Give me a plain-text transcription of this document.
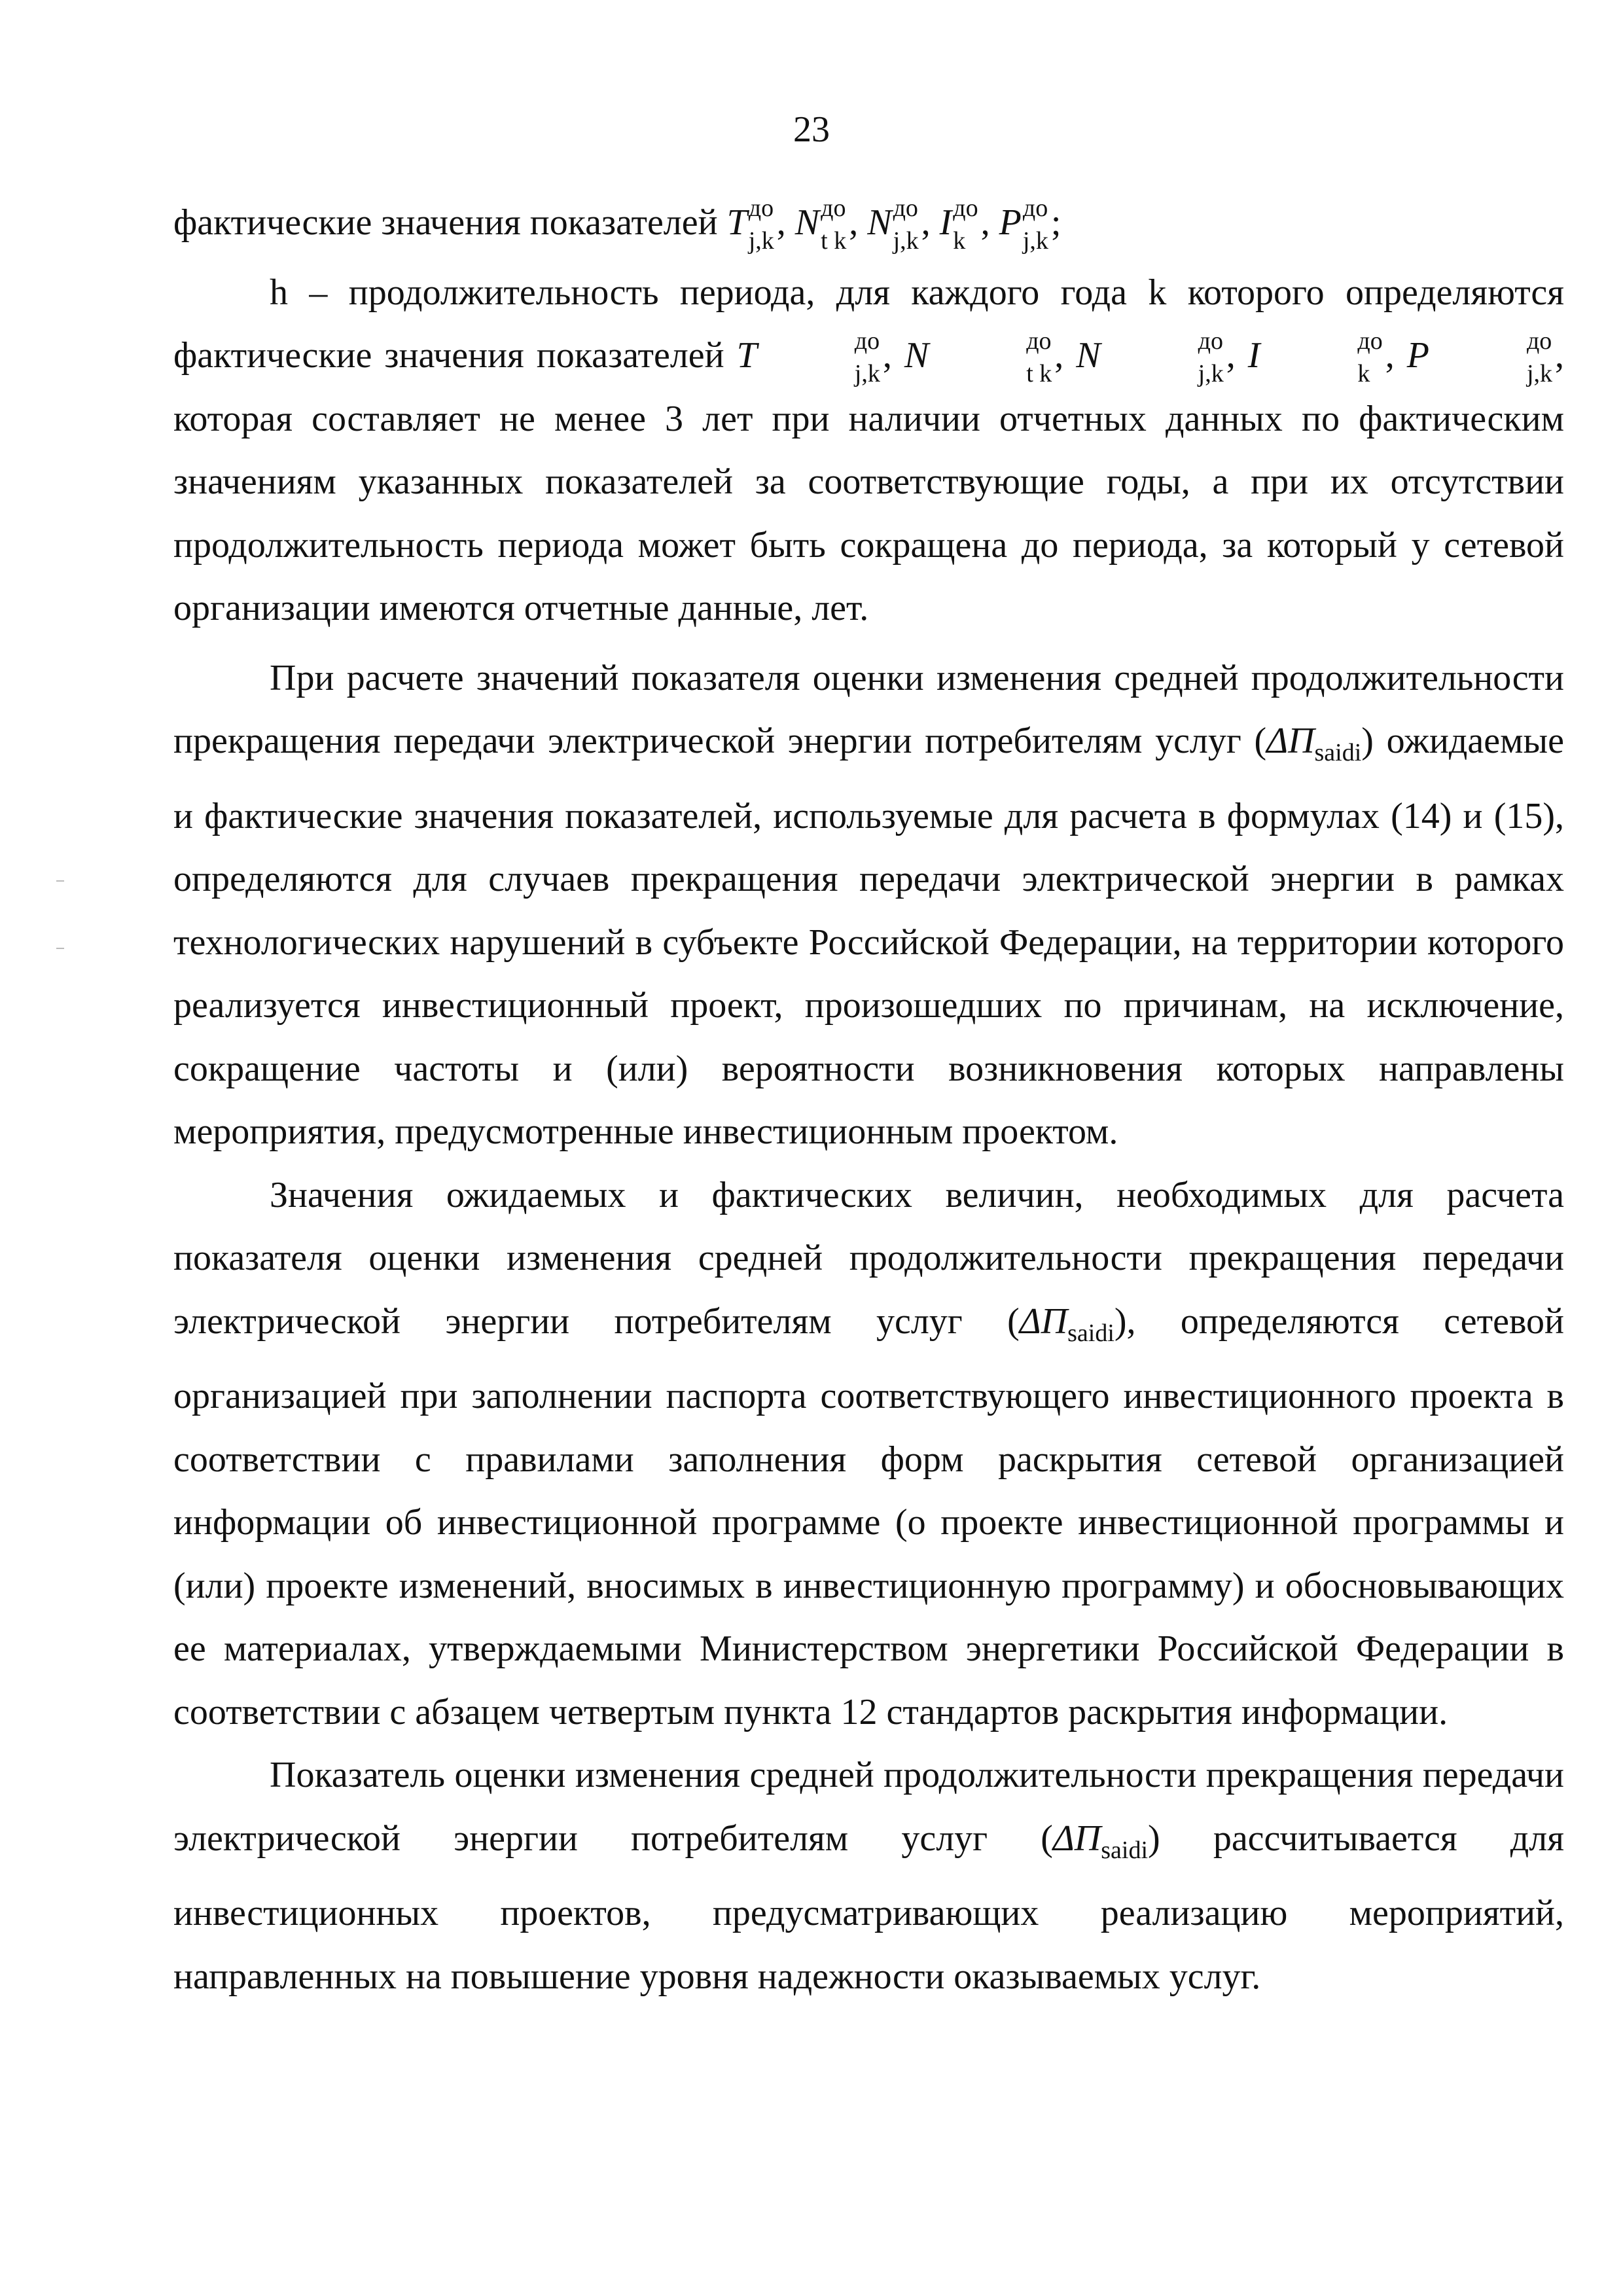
23

фактические значения показателей T до
j,k , N до
t k , N до
j,k , I до
k , P до
j,k ;

h – продолжительность периода, для каждого года k которого определяются фактические значения показателей T	до
j,k , N	до
t k , N	до
j,k , I	до
k , P	до
j,k , которая составляет не менее 3 лет при наличии отчетных данных по фактическим значениям указанных показателей за соответствующие годы, а при их отсутствии продолжительность периода может быть сокращена до периода, за который у сетевой организации имеются отчетные данные, лет.

При расчете значений показателя оценки изменения средней продолжительности прекращения передачи электрической энергии потребителям услуг $(\Delta П_{saidi})$ ожидаемые и фактические значения показателей, используемые для расчета в формулах (14) и (15), определяются для случаев прекращения передачи электрической энергии в рамках технологических нарушений в субъекте Российской Федерации, на территории которого реализуется инвестиционный проект, произошедших по причинам, на исключение, сокращение частоты и (или) вероятности возникновения которых направлены мероприятия, предусмотренные инвестиционным проектом.

Значения ожидаемых и фактических величин, необходимых для расчета показателя оценки изменения средней продолжительности прекращения передачи электрической энергии потребителям услуг $(\Delta П_{saidi})$, определяются сетевой организацией при заполнении паспорта соответствующего инвестиционного проекта в соответствии с правилами заполнения форм раскрытия сетевой организацией информации об инвестиционной программе (о проекте инвестиционной программы и (или) проекте изменений, вносимых в инвестиционную программу) и обосновывающих ее материалах, утверждаемыми Министерством энергетики Российской Федерации в соответствии с абзацем четвертым пункта 12 стандартов раскрытия информации.

Показатель оценки изменения средней продолжительности прекращения передачи электрической энергии потребителям услуг $(\Delta П_{saidi})$ рассчитывается для инвестиционных проектов, предусматривающих реализацию мероприятий, направленных на повышение уровня надежности оказываемых услуг.
